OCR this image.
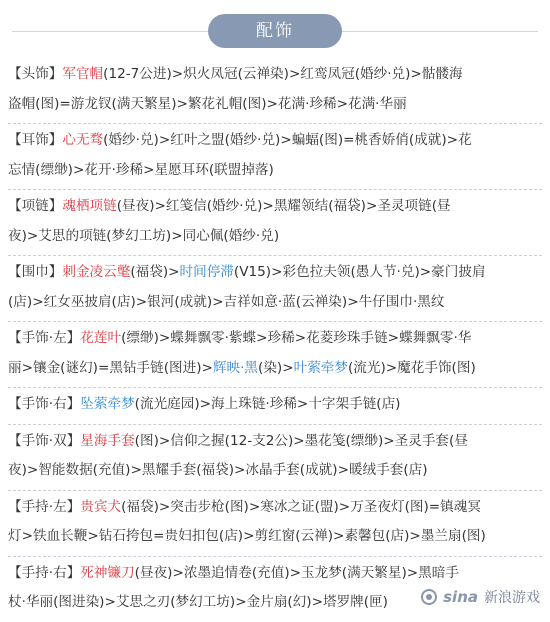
配饰
【头饰】军官帽(12-7公进)>炽火凤冠(云禅染)>红鸾凤冠(婚纱·兑)>骷髅海
盗帽(图)=游龙钗(满天繁星)>繁花礼帽(图)>花满·珍稀>花满·华丽
【耳饰】心无骛(婚纱·兑)>红叶之盟(婚纱·兑)>蝙蝠(图)=桃香娇俏(成就)>花
忘情(缥缈)>花开·珍稀>星愿耳环(联盟掉落)
【项链】魂栖项链(昼夜)>红笺信(婚纱·兑)>黑耀领结(福袋)>圣灵项链(昼
夜)>艾思的项链(梦幻工坊)>同心佩(婚纱·兑)
【围巾】刺金凌云氅(福袋)>时间停滞(V15)>彩色拉夫领(愚人节·兑)>豪门披肩
(店)>红女巫披肩(店)>银河(成就)>吉祥如意·蓝(云禅染)>牛仔围巾·黑纹
【手饰·左】花莲叶(缥缈)>蝶舞飘零·紫蝶>珍稀>花菱珍珠手链>蝶舞飘零·华
丽>镶金(谜幻)=黑钻手链(图进)>辉映·黑(染)>叶萦牵梦(流光)>魔花手饰(图)
【手饰·右】坠萦牵梦(流光庭园)>海上珠链·珍稀>十字架手链(店)
【手饰·双】星海手套(图)>信仰之握(12-支2公)>墨花笺(缥缈)>圣灵手套(昼
夜)>智能数据(充值)>黑耀手套(福袋)>冰晶手套(成就)>暖绒手套(店)
【手持·左】贵宾犬(福袋)>突击步枪(图)>寒冰之证(盟)>万圣夜灯(图)=镇魂冥
灯>铁血长鞭>钻石挎包=贵妇扣包(店)>剪红窗(云禅)>素馨包(店)>墨兰扇(图)
【手持·右】死神镰刀(昼夜)>浓墨追情卷(充值)>玉龙梦(满天繁星)>黑暗手
杖·华丽(图进染)>艾思之刃(梦幻工坊)>金片扇(幻)>塔罗牌(匣)	sina 新浪游戏
